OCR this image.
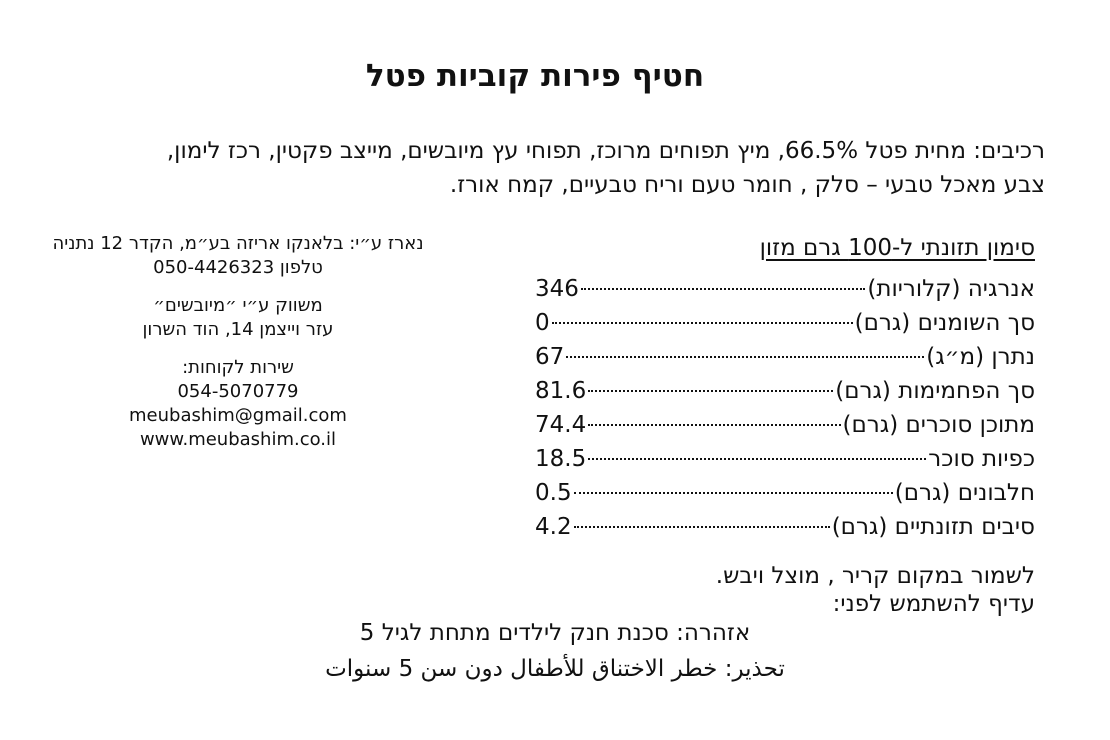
חטיף פירות קוביות פטל
רכיבים: מחית פטל 66.5%, מיץ תפוחים מרוכז, תפוחי עץ מיובשים, מייצב פקטין, רכז לימון,
צבע מאכל טבעי – סלק , חומר טעם וריח טבעיים, קמח אורז.
סימון תזונתי ל-100 גרם מזון
אנרגיה (קלוריות)
346
סך השומנים (גרם)
0
נתרן (מ״ג)
67
סך הפחמימות (גרם)
81.6
מתוכן סוכרים (גרם)
74.4
כפיות סוכר
18.5
חלבונים (גרם)
0.5
סיבים תזונתיים (גרם)
4.2
לשמור במקום קריר , מוצל ויבש.
עדיף להשתמש לפני:
אזהרה: סכנת חנק לילדים מתחת לגיל 5
تحذير: خطر الاختناق للأطفال دون سن 5 سنوات
נארז ע״י: בלאנקו אריזה בע״מ, הקדר 12 נתניה
טלפון 050-4426323
משווק ע״י ״מיובשים״
עזר וייצמן 14, הוד השרון
שירות לקוחות:
054-5070779
meubashim@gmail.com
www.meubashim.co.il
